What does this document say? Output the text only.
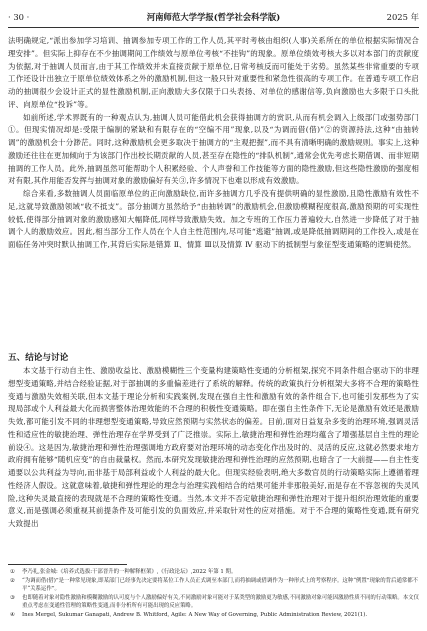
· 30 ·	河南师范大学学报(哲学社会科学版)	2025 年

法明确规定,“派出参加学习培训、抽调参加专项工作的工作人员,其平时考核由组织(人事)关系所在的单位根据实际情况合理安排”。但实际上抑存在不少抽调期间工作绩效与原单位考核“不挂钩”的现象。原单位绩效考核大多以对本部门的贡献度为依据,对于抽调人员而言,由于其工作绩效并未直接贡献于原单位,日常考核反而可能处于劣势。虽然某些非常重要的专项工作还设计出独立于原单位绩效体系之外的激励机制,但这一般只针对重要性和紧急性很高的专项工作。在普通专项工作启动的抽调很少会设计正式的显性激励机制,正向激励大多仅限于口头表扬、对单位的感谢信等,负向激励也大多限于口头批评、向原单位“投诉”等。

如前所述,学术界既有的一种观点认为,抽调人员可能借此机会获得抽调方的赏识,从而有机会调入上级部门或强势部门①。但现实情况却是:受限于编制的紧缺和有限存在的“空编不用”现象,以及“为调而借(借)”②的资源持法,这种“由抽转调”的激励机会十分渺茫。同时,这种激励机会更多取决于抽调方的“主观把握”,而不具有清晰明确的激励规则。事实上,这种激励还往往在更加倾向于为该部门作出校长期贡献的人员,甚至存在隐性的“排队机制”,通常会优先考虑长期借调、而非短期抽调的工作人员。此外,抽调虽然可能帮助个人积累经验、个人声誉和工作技能等方面的隐性激励,但这些隐性激励的强度相对有限,其作用能否发挥与抽调对象的激励偏好有关③,许多情况下也难以形成有效激励。

综合来看,多数抽调人员面临原单位的正向激励缺位,而许多抽调方几乎没有提供明确的显性激励,且隐性激励有效性不足,这就导致激励领域“收不抵支”。部分抽调方虽然给予“由抽转调”的激励机会,但激励模糊程度很高,激励预期的可实现性较低,使得部分抽调对象的激励感知大幅降低,同样导致激励失效。加之专班的工作压力普遍较大,自然进一步降低了对于抽调个人的激励效应。因此,相当部分工作人员在个人自主性范围内,尽可能“逃避”抽调,或是降低抽调期间的工作投入,或是在面临任务冲突时默认抽调工作,其背后实际是错算 Ⅱ、情算 Ⅲ以及情算 Ⅳ 驱动下的抵制型与象征型变通策略的逻辑使然。

五、结论与讨论

本文基于行动自主性、激励收益比、激励模糊性三个变量构建策略性变通的分析框架,探究不同条件组合驱动下的非理想型变通策略,并结合经验证据,对于部抽调的多重偏差进行了系统的解释。传统的政策执行分析框架大多将不合理的策略性变通与激励失效相关联,但本文基于理论分析和实践案例,发现在强自主性和激励有效的条件组合下,也可能引发那些为了实现局部或个人利益最大化而损害整体治理效能的不合理的积极性变通策略。即在强自主性条件下,无论是激励有效还是激励失效,都可能引发不同的非理想型变通策略,导致应然预期与实然状态的偏差。目前,面对日益复杂多变的治理环境,强调灵活性和适应性的敏捷治理、弹性治理存在学界受到了广泛推崇。实际上,敏捷治理和弹性治理均蕴含了增强基层自主性的理论前设④。这是因为,敏捷治理和弹性治理强调地方政府要对治理环境的动态变化作出及时的、灵活的反应,这就必然要求地方政府拥有能够“随机应变”的自由裁量权。然而,本研究发现敏捷治理和弹性治理的应然预期,也暗含了一大前提——自主性变通要以公共利益为导向,而非基于局部利益或个人利益的最大化。但现实经验表明,绝大多数官员的行动策略实际上遵循着理性经济人假设。这就意味着,敏捷和弹性理论的理念与治理实践相结合的结果可能并非那般美好,而是存在不容忽视的失灵风险,这种失灵最直接的表现就是不合理的策略性变通。当然,本文并不否定敏捷治理和弹性治理对于提升组织治理效能的重要意义,而是强调必须重视其前提条件及可能引发的负面效应,并采取针对性的应对措施。对于不合理的策略性变通,既有研究大致提出

① 李乃礼,张金城:《培养式选拔:干部晋升的一种解释框架》,《行政论坛》,2022 年第 1 期。
② “为调而借(借)”是一种常见现象,即某部门已经事先决定要将某位工作人员正式调至本部门,而将抽调或借调作为一种形式上的考察程序。这种“例置”现象的背后通常都不平“关系运作”。
③ 也即随着对象对隐性激励和模糊激励的认可度与个人激励偏好有关,不同激励对象可能对于某类型的激励更为敏感,不同激励对象可能因激励性质不同的行动策略。本文仅重点考虑在变通性管理的策略性变通,而非分析所有可能出现的反应策略。
④ Ines Mergel, Sukumar Ganapati, Andrew B. Whitford, Agile: A New Way of Governing, Public Administration Review, 2021(1).
